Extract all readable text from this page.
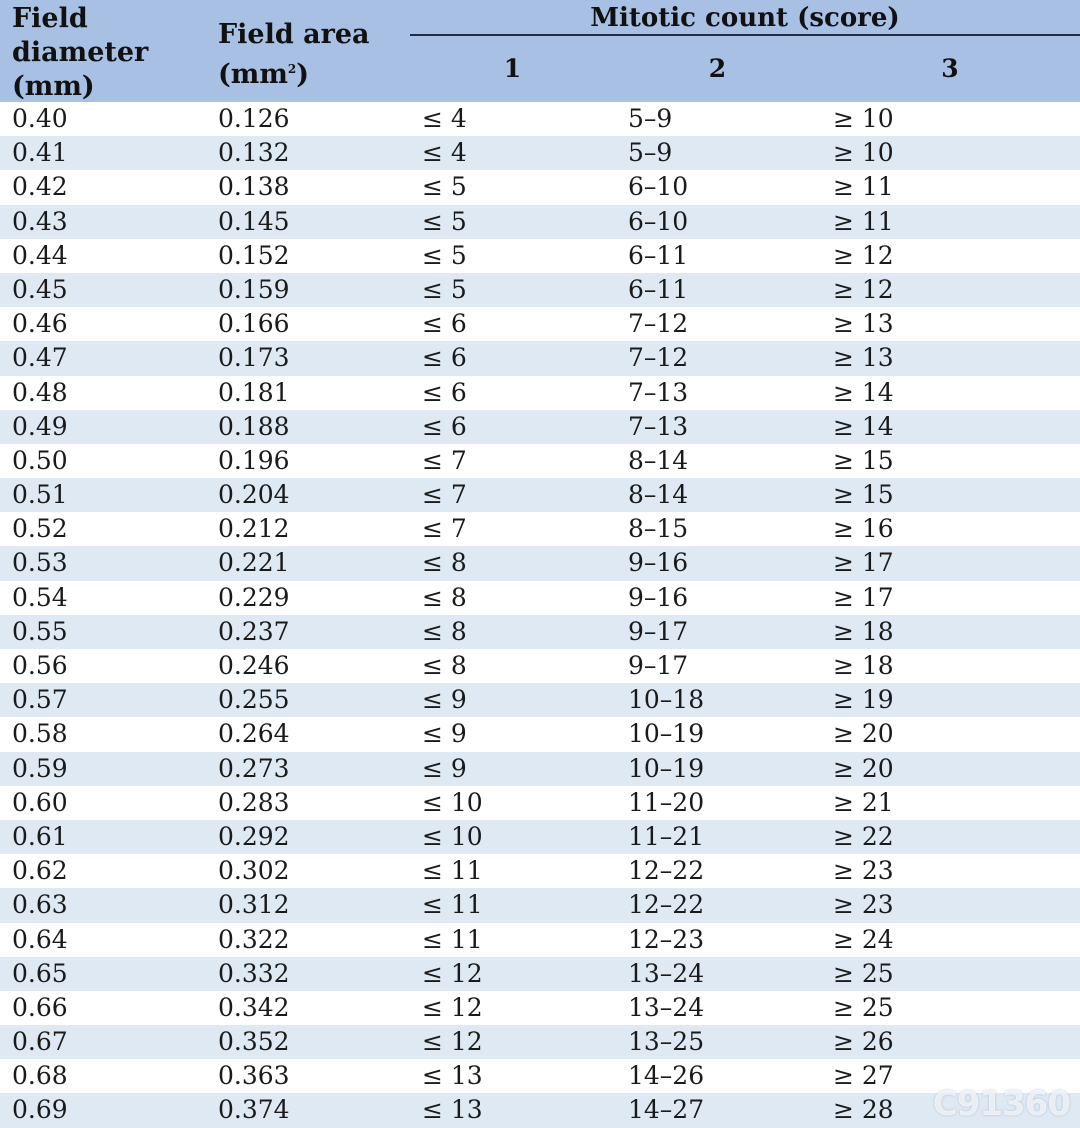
Field diameter (mm)
Field area
$(mm^2)$
Mitotic count (score)
1	2	3
0.40	0.126	≤ 4	5–9	≥ 10
0.41	0.132	≤ 4	5–9	≥ 10
0.42	0.138	≤ 5	6–10	≥ 11
0.43	0.145	≤ 5	6–10	≥ 11
0.44	0.152	≤ 5	6–11	≥ 12
0.45	0.159	≤ 5	6–11	≥ 12
0.46	0.166	≤ 6	7–12	≥ 13
0.47	0.173	≤ 6	7–12	≥ 13
0.48	0.181	≤ 6	7–13	≥ 14
0.49	0.188	≤ 6	7–13	≥ 14
0.50	0.196	≤ 7	8–14	≥ 15
0.51	0.204	≤ 7	8–14	≥ 15
0.52	0.212	≤ 7	8–15	≥ 16
0.53	0.221	≤ 8	9–16	≥ 17
0.54	0.229	≤ 8	9–16	≥ 17
0.55	0.237	≤ 8	9–17	≥ 18
0.56	0.246	≤ 8	9–17	≥ 18
0.57	0.255	≤ 9	10–18	≥ 19
0.58	0.264	≤ 9	10–19	≥ 20
0.59	0.273	≤ 9	10–19	≥ 20
0.60	0.283	≤ 10	11–20	≥ 21
0.61	0.292	≤ 10	11–21	≥ 22
0.62	0.302	≤ 11	12–22	≥ 23
0.63	0.312	≤ 11	12–22	≥ 23
0.64	0.322	≤ 11	12–23	≥ 24
0.65	0.332	≤ 12	13–24	≥ 25
0.66	0.342	≤ 12	13–24	≥ 25
0.67	0.352	≤ 12	13–25	≥ 26
0.68	0.363	≤ 13	14–26	≥ 27
0.69	0.374	≤ 13	14–27	≥ 28 C91360
